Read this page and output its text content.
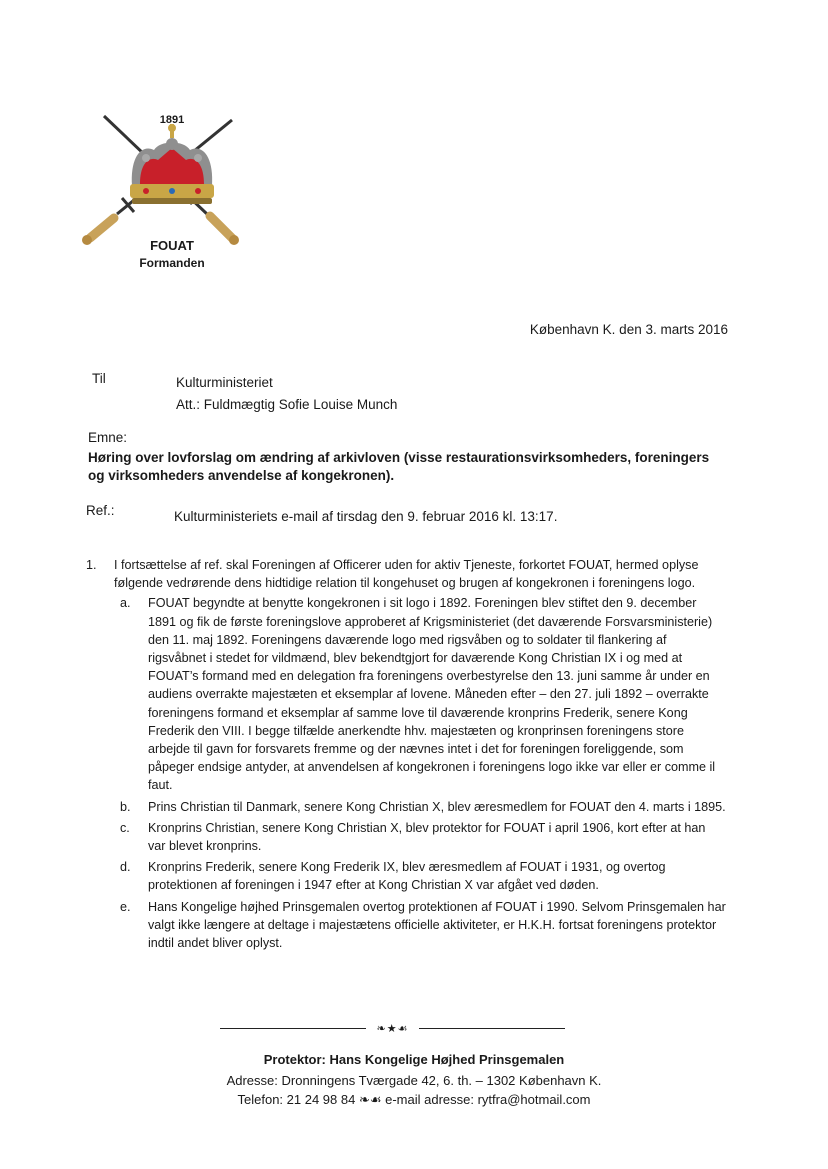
1891
FOUAT
Formanden
København K. den 3. marts 2016
Til	Kulturministeriet
Att.: Fuldmægtig Sofie Louise Munch
Emne:
Høring over lovforslag om ændring af arkivloven (visse restaurationsvirksomheders, foreningers og virksomheders anvendelse af kongekronen).
Ref.:	Kulturministeriets e-mail af tirsdag den 9. februar 2016 kl. 13:17.
1.	I fortsættelse af ref. skal Foreningen af Officerer uden for aktiv Tjeneste, forkortet FOUAT, hermed oplyse følgende vedrørende dens hidtidige relation til kongehuset og brugen af kongekronen i foreningens logo.
a.	FOUAT begyndte at benytte kongekronen i sit logo i 1892. Foreningen blev stiftet den 9. december 1891 og fik de første foreningslove approberet af Krigsministeriet (det daværende Forsvarsministerie) den 11. maj 1892. Foreningens daværende logo med rigsvåben og to soldater til flankering af rigsvåbnet i stedet for vildmænd, blev bekendtgjort for daværende Kong Christian IX i og med at FOUAT’s formand med en delegation fra foreningens overbestyrelse den 13. juni samme år under en audiens overrakte majestæten et eksemplar af lovene. Måneden efter – den 27. juli 1892 – overrakte foreningens formand et eksemplar af samme love til daværende kronprins Frederik, senere Kong Frederik den VIII. I begge tilfælde anerkendte hhv. majestæten og kronprinsen foreningens store arbejde til gavn for forsvarets fremme og der nævnes intet i det for foreningen foreliggende, som påpeger endsige antyder, at anvendelsen af kongekronen i foreningens logo ikke var eller er comme il faut.
b.	Prins Christian til Danmark, senere Kong Christian X, blev æresmedlem for FOUAT den 4. marts i 1895.
c.	Kronprins Christian, senere Kong Christian X, blev protektor for FOUAT i april 1906, kort efter at han var blevet kronprins.
d.	Kronprins Frederik, senere Kong Frederik IX, blev æresmedlem af FOUAT i 1931, og overtog protektionen af foreningen i 1947 efter at Kong Christian X var afgået ved døden.
e.	Hans Kongelige højhed Prinsgemalen overtog protektionen af FOUAT i 1990. Selvom Prinsgemalen har valgt ikke længere at deltage i majestætens officielle aktiviteter, er H.K.H. fortsat foreningens protektor indtil andet bliver oplyst.
❧★☙
Protektor: Hans Kongelige Højhed Prinsgemalen
Adresse: Dronningens Tværgade 42, 6. th. – 1302 København K.
Telefon: 21 24 98 84 ❧☙ e-mail adresse: rytfra@hotmail.com
